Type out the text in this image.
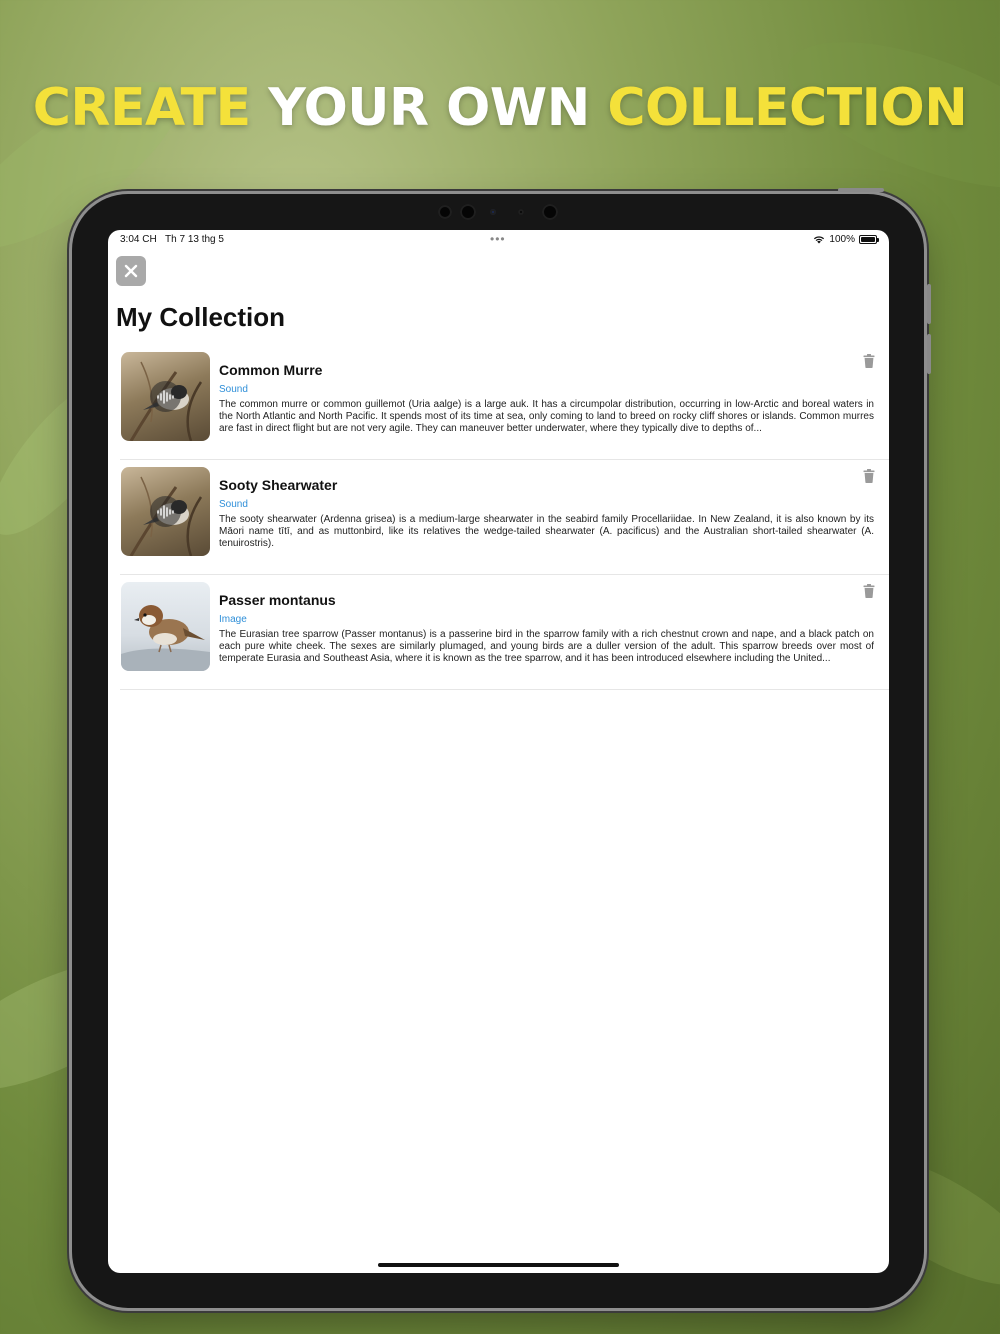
CREATE YOUR OWN COLLECTION
3:04 CH Th 7 13 thg 5	•••	100%
My Collection
Common Murre
Sound
The common murre or common guillemot (Uria aalge) is a large auk. It has a circumpolar distribution, occurring in low-Arctic and boreal waters in the North Atlantic and North Pacific. It spends most of its time at sea, only coming to land to breed on rocky cliff shores or islands. Common murres are fast in direct flight but are not very agile. They can maneuver better underwater, where they typically dive to depths of...
Sooty Shearwater
Sound
The sooty shearwater (Ardenna grisea) is a medium-large shearwater in the seabird family Procellariidae. In New Zealand, it is also known by its Māori name tītī, and as muttonbird, like its relatives the wedge-tailed shearwater (A. pacificus) and the Australian short-tailed shearwater (A. tenuirostris).
Passer montanus
Image
The Eurasian tree sparrow (Passer montanus) is a passerine bird in the sparrow family with a rich chestnut crown and nape, and a black patch on each pure white cheek. The sexes are similarly plumaged, and young birds are a duller version of the adult. This sparrow breeds over most of temperate Eurasia and Southeast Asia, where it is known as the tree sparrow, and it has been introduced elsewhere including the United...
